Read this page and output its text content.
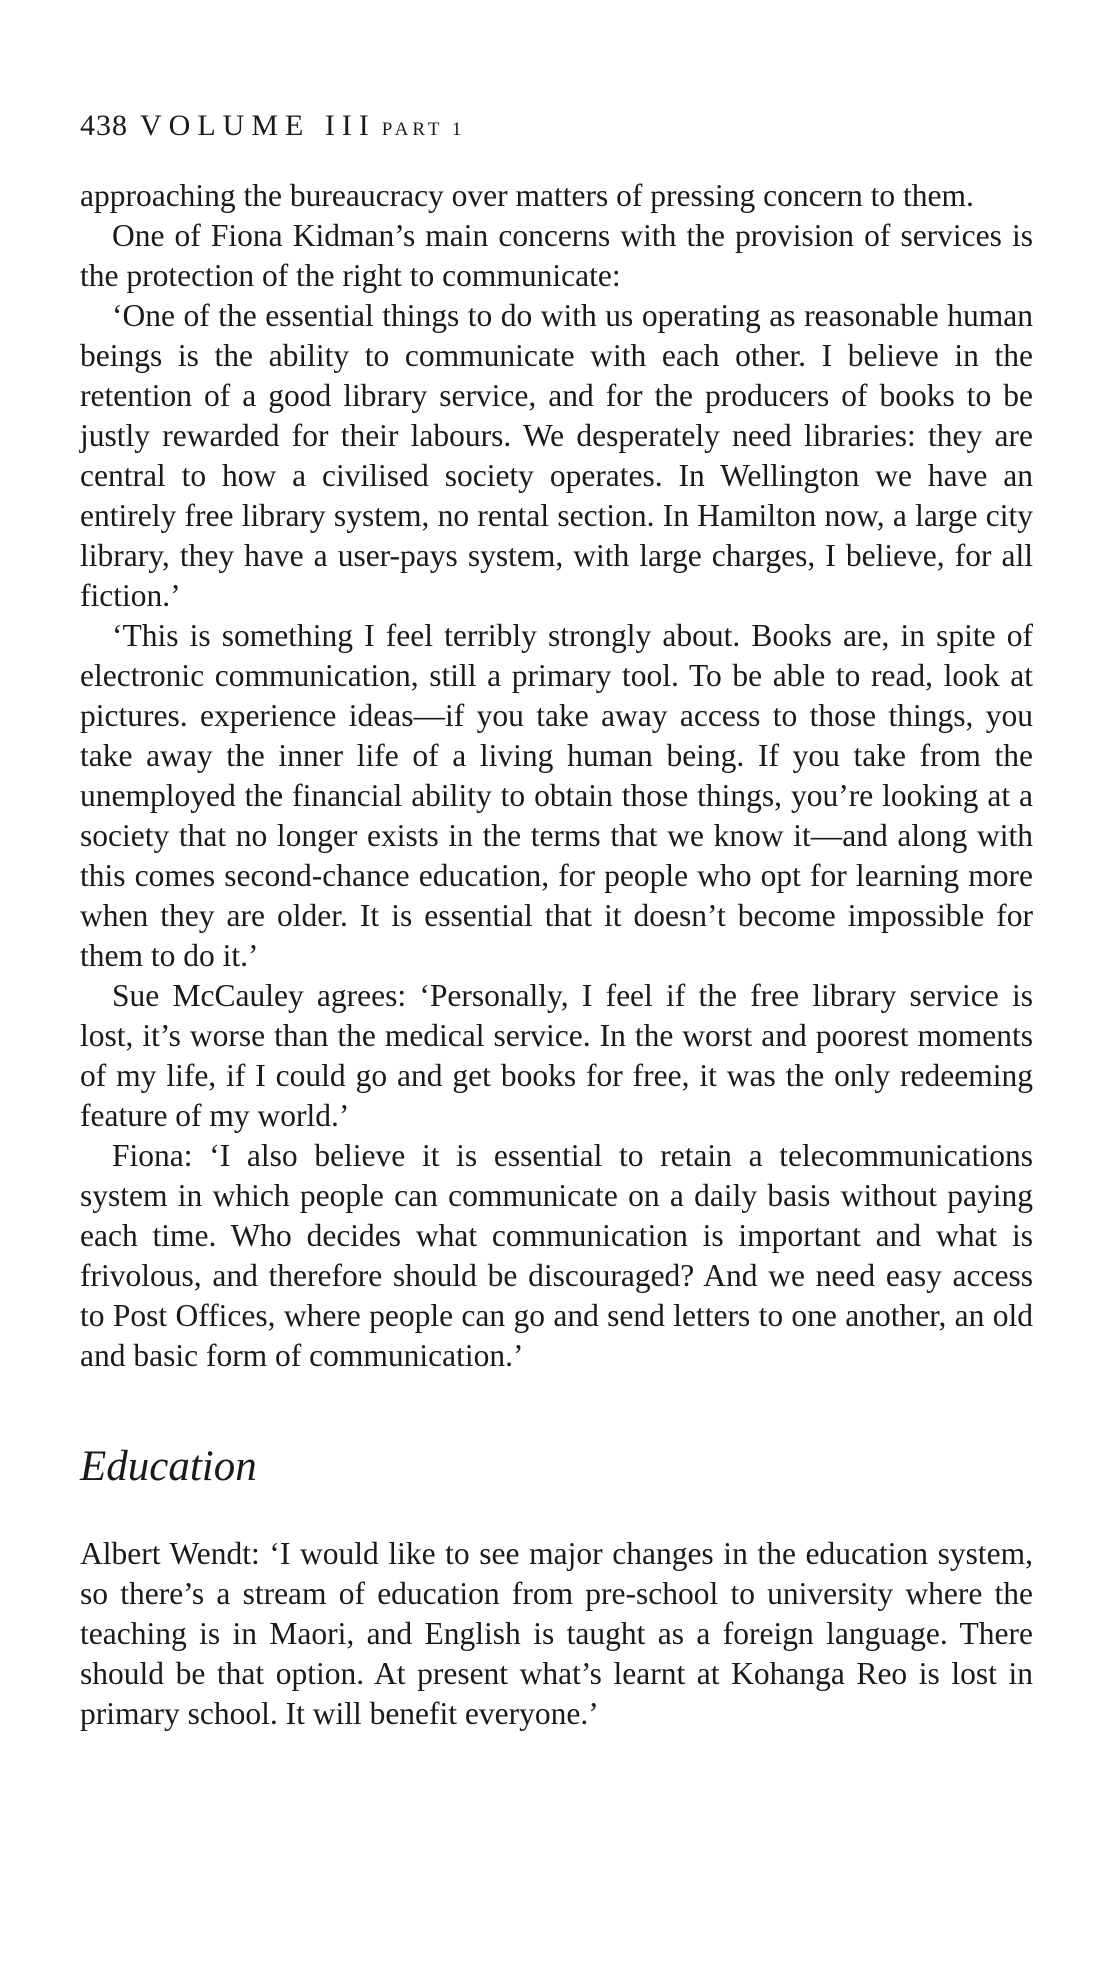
438 VOLUME III PART 1

approaching the bureaucracy over matters of pressing concern to them.

One of Fiona Kidman’s main concerns with the provision of services is the protection of the right to communicate:

‘One of the essential things to do with us operating as reasonable human beings is the ability to communicate with each other. I believe in the retention of a good library service, and for the producers of books to be justly rewarded for their labours. We desperately need libraries: they are central to how a civilised society operates. In Wellington we have an entirely free library system, no rental section. In Hamilton now, a large city library, they have a user-pays system, with large charges, I believe, for all fiction.’

‘This is something I feel terribly strongly about. Books are, in spite of electronic communication, still a primary tool. To be able to read, look at pictures. experience ideas—if you take away access to those things, you take away the inner life of a living human being. If you take from the unemployed the financial ability to obtain those things, you’re looking at a society that no longer exists in the terms that we know it—and along with this comes second-chance education, for people who opt for learning more when they are older. It is essential that it doesn’t become impossible for them to do it.’

Sue McCauley agrees: ‘Personally, I feel if the free library service is lost, it’s worse than the medical service. In the worst and poorest moments of my life, if I could go and get books for free, it was the only redeeming feature of my world.’

Fiona: ‘I also believe it is essential to retain a telecommunications system in which people can communicate on a daily basis without paying each time. Who decides what communication is important and what is frivolous, and therefore should be discouraged? And we need easy access to Post Offices, where people can go and send letters to one another, an old and basic form of communication.’

Education

Albert Wendt: ‘I would like to see major changes in the education system, so there’s a stream of education from pre-school to university where the teaching is in Maori, and English is taught as a foreign language. There should be that option. At present what’s learnt at Kohanga Reo is lost in primary school. It will benefit everyone.’
